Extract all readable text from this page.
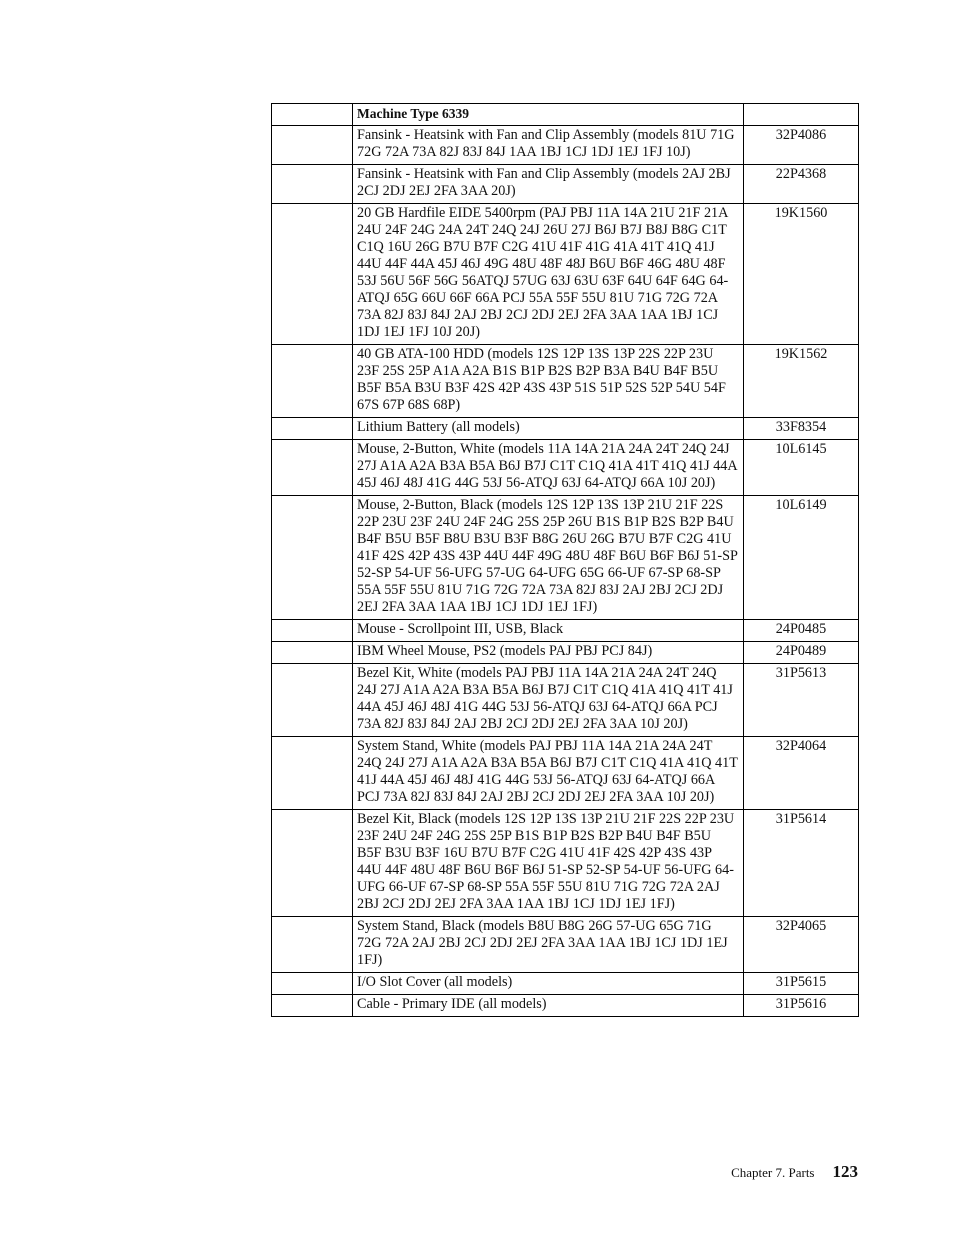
	Machine Type 6339	
	Fansink - Heatsink with Fan and Clip Assembly (models 81U 71G 72G 72A 73A 82J 83J 84J 1AA 1BJ 1CJ 1DJ 1EJ 1FJ 10J)	32P4086
	Fansink - Heatsink with Fan and Clip Assembly (models 2AJ 2BJ 2CJ 2DJ 2EJ 2FA 3AA 20J)	22P4368
	20 GB Hardfile EIDE 5400rpm (PAJ PBJ 11A 14A 21U 21F 21A 24U 24F 24G 24A 24T 24Q 24J 26U 27J B6J B7J B8J B8G C1T C1Q 16U 26G B7U B7F C2G 41U 41F 41G 41A 41T 41Q 41J 44U 44F 44A 45J 46J 49G 48U 48F 48J B6U B6F 46G 48U 48F 53J 56U 56F 56G 56ATQJ 57UG 63J 63U 63F 64U 64F 64G 64-ATQJ 65G 66U 66F 66A PCJ 55A 55F 55U 81U 71G 72G 72A 73A 82J 83J 84J 2AJ 2BJ 2CJ 2DJ 2EJ 2FA 3AA 1AA 1BJ 1CJ 1DJ 1EJ 1FJ 10J 20J)	19K1560
	40 GB ATA-100 HDD (models 12S 12P 13S 13P 22S 22P 23U 23F 25S 25P A1A A2A B1S B1P B2S B2P B3A B4U B4F B5U B5F B5A B3U B3F 42S 42P 43S 43P 51S 51P 52S 52P 54U 54F 67S 67P 68S 68P)	19K1562
	Lithium Battery (all models)	33F8354
	Mouse, 2-Button, White (models 11A 14A 21A 24A 24T 24Q 24J 27J A1A A2A B3A B5A B6J B7J C1T C1Q 41A 41T 41Q 41J 44A 45J 46J 48J 41G 44G 53J 56-ATQJ 63J 64-ATQJ 66A 10J 20J)	10L6145
	Mouse, 2-Button, Black (models 12S 12P 13S 13P 21U 21F 22S 22P 23U 23F 24U 24F 24G 25S 25P 26U B1S B1P B2S B2P B4U B4F B5U B5F B8U B3U B3F B8G 26U 26G B7U B7F C2G 41U 41F 42S 42P 43S 43P 44U 44F 49G 48U 48F B6U B6F B6J 51-SP 52-SP 54-UF 56-UFG 57-UG 64-UFG 65G 66-UF 67-SP 68-SP 55A 55F 55U 81U 71G 72G 72A 73A 82J 83J 2AJ 2BJ 2CJ 2DJ 2EJ 2FA 3AA 1AA 1BJ 1CJ 1DJ 1EJ 1FJ)	10L6149
	Mouse - Scrollpoint III, USB, Black	24P0485
	IBM Wheel Mouse, PS2 (models PAJ PBJ PCJ 84J)	24P0489
	Bezel Kit, White (models PAJ PBJ 11A 14A 21A 24A 24T 24Q 24J 27J A1A A2A B3A B5A B6J B7J C1T C1Q 41A 41Q 41T 41J 44A 45J 46J 48J 41G 44G 53J 56-ATQJ 63J 64-ATQJ 66A PCJ 73A 82J 83J 84J 2AJ 2BJ 2CJ 2DJ 2EJ 2FA 3AA 10J 20J)	31P5613
	System Stand, White (models PAJ PBJ 11A 14A 21A 24A 24T 24Q 24J 27J A1A A2A B3A B5A B6J B7J C1T C1Q 41A 41Q 41T 41J 44A 45J 46J 48J 41G 44G 53J 56-ATQJ 63J 64-ATQJ 66A PCJ 73A 82J 83J 84J 2AJ 2BJ 2CJ 2DJ 2EJ 2FA 3AA 10J 20J)	32P4064
	Bezel Kit, Black (models 12S 12P 13S 13P 21U 21F 22S 22P 23U 23F 24U 24F 24G 25S 25P B1S B1P B2S B2P B4U B4F B5U B5F B3U B3F 16U B7U B7F C2G 41U 41F 42S 42P 43S 43P 44U 44F 48U 48F B6U B6F B6J 51-SP 52-SP 54-UF 56-UFG 64-UFG 66-UF 67-SP 68-SP 55A 55F 55U 81U 71G 72G 72A 2AJ 2BJ 2CJ 2DJ 2EJ 2FA 3AA 1AA 1BJ 1CJ 1DJ 1EJ 1FJ)	31P5614
	System Stand, Black (models B8U B8G 26G 57-UG 65G 71G 72G 72A 2AJ 2BJ 2CJ 2DJ 2EJ 2FA 3AA 1AA 1BJ 1CJ 1DJ 1EJ 1FJ)	32P4065
	I/O Slot Cover (all models)	31P5615
	Cable - Primary IDE (all models)	31P5616
Chapter 7. Parts 123
